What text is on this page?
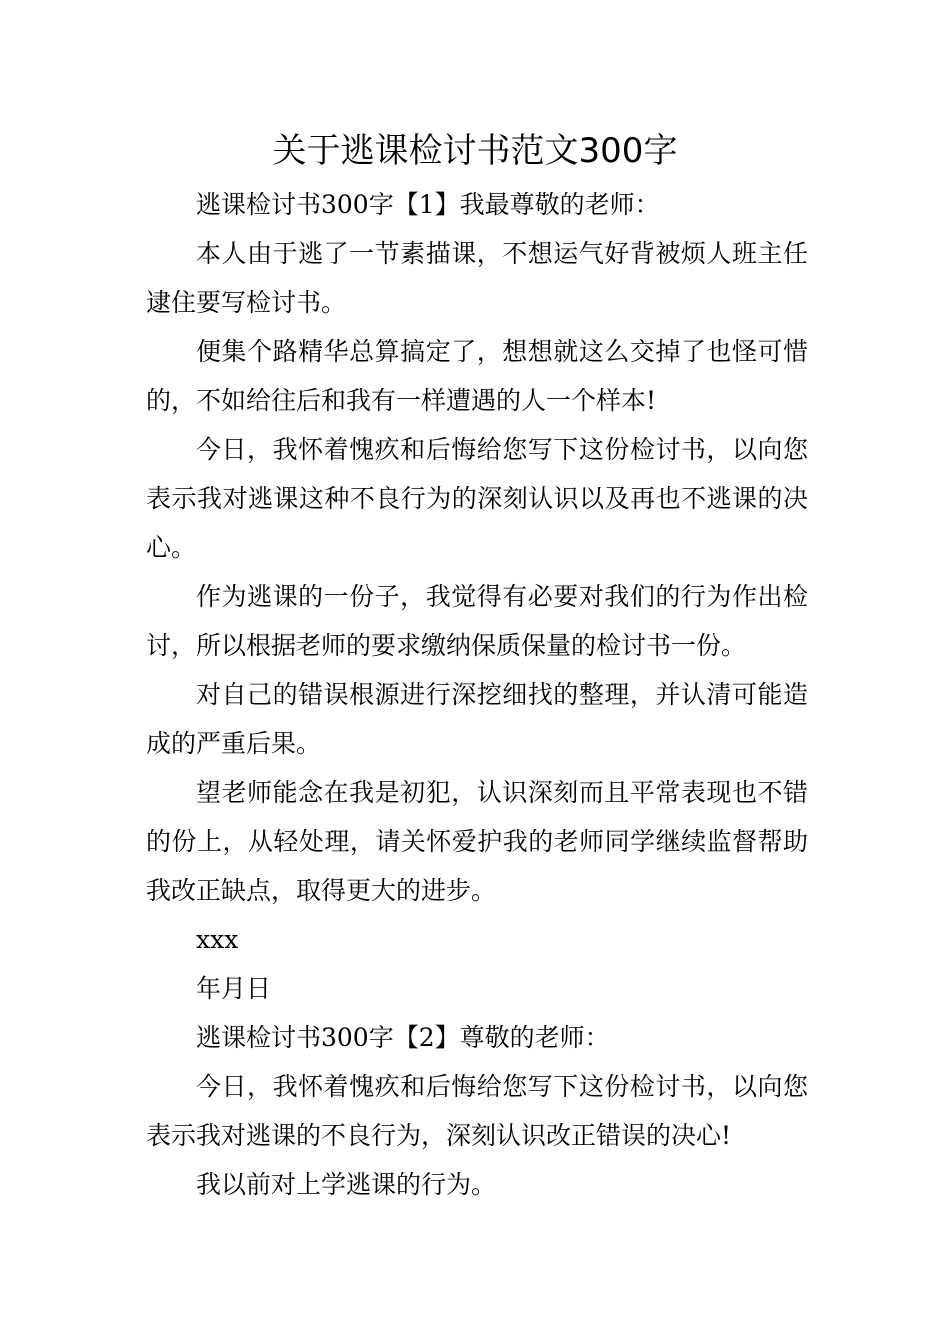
关于逃课检讨书范文300字

逃课检讨书300字【1】我最尊敬的老师：

本人由于逃了一节素描课，不想运气好背被烦人班主任逮住要写检讨书。

便集个路精华总算搞定了，想想就这么交掉了也怪可惜的，不如给往后和我有一样遭遇的人一个样本!

今日，我怀着愧疚和后悔给您写下这份检讨书，以向您表示我对逃课这种不良行为的深刻认识以及再也不逃课的决心。

作为逃课的一份子，我觉得有必要对我们的行为作出检讨，所以根据老师的要求缴纳保质保量的检讨书一份。

对自己的错误根源进行深挖细找的整理，并认清可能造成的严重后果。

望老师能念在我是初犯，认识深刻而且平常表现也不错的份上，从轻处理，请关怀爱护我的老师同学继续监督帮助我改正缺点，取得更大的进步。

xxx

年月日

逃课检讨书300字【2】尊敬的老师：

今日，我怀着愧疚和后悔给您写下这份检讨书，以向您表示我对逃课的不良行为，深刻认识改正错误的决心!

我以前对上学逃课的行为。
